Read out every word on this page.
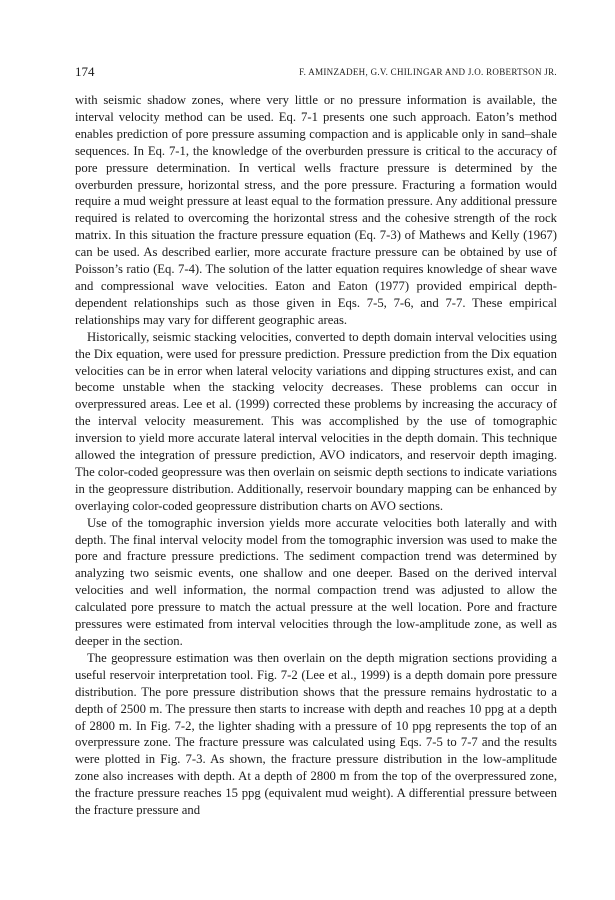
174	F. AMINZADEH, G.V. CHILINGAR AND J.O. ROBERTSON JR.

with seismic shadow zones, where very little or no pressure information is available, the interval velocity method can be used. Eq. 7-1 presents one such approach. Eaton’s method enables prediction of pore pressure assuming compaction and is applicable only in sand–shale sequences. In Eq. 7-1, the knowledge of the overburden pressure is critical to the accuracy of pore pressure determination. In vertical wells fracture pressure is determined by the overburden pressure, horizontal stress, and the pore pressure. Fracturing a formation would require a mud weight pressure at least equal to the formation pressure. Any additional pressure required is related to overcoming the horizontal stress and the cohesive strength of the rock matrix. In this situation the fracture pressure equation (Eq. 7-3) of Mathews and Kelly (1967) can be used. As described earlier, more accurate fracture pressure can be obtained by use of Poisson’s ratio (Eq. 7-4). The solution of the latter equation requires knowledge of shear wave and compressional wave velocities. Eaton and Eaton (1977) provided empirical depth-dependent relationships such as those given in Eqs. 7-5, 7-6, and 7-7. These empirical relationships may vary for different geographic areas.

Historically, seismic stacking velocities, converted to depth domain interval velocities using the Dix equation, were used for pressure prediction. Pressure prediction from the Dix equation velocities can be in error when lateral velocity variations and dipping structures exist, and can become unstable when the stacking velocity decreases. These problems can occur in overpressured areas. Lee et al. (1999) corrected these problems by increasing the accuracy of the interval velocity measurement. This was accomplished by the use of tomographic inversion to yield more accurate lateral interval velocities in the depth domain. This technique allowed the integration of pressure prediction, AVO indicators, and reservoir depth imaging. The color-coded geopressure was then overlain on seismic depth sections to indicate variations in the geopressure distribution. Additionally, reservoir boundary mapping can be enhanced by overlaying color-coded geopressure distribution charts on AVO sections.

Use of the tomographic inversion yields more accurate velocities both laterally and with depth. The final interval velocity model from the tomographic inversion was used to make the pore and fracture pressure predictions. The sediment compaction trend was determined by analyzing two seismic events, one shallow and one deeper. Based on the derived interval velocities and well information, the normal compaction trend was adjusted to allow the calculated pore pressure to match the actual pressure at the well location. Pore and fracture pressures were estimated from interval velocities through the low-amplitude zone, as well as deeper in the section.

The geopressure estimation was then overlain on the depth migration sections providing a useful reservoir interpretation tool. Fig. 7-2 (Lee et al., 1999) is a depth domain pore pressure distribution. The pore pressure distribution shows that the pressure remains hydrostatic to a depth of 2500 m. The pressure then starts to increase with depth and reaches 10 ppg at a depth of 2800 m. In Fig. 7-2, the lighter shading with a pressure of 10 ppg represents the top of an overpressure zone. The fracture pressure was calculated using Eqs. 7-5 to 7-7 and the results were plotted in Fig. 7-3. As shown, the fracture pressure distribution in the low-amplitude zone also increases with depth. At a depth of 2800 m from the top of the overpressured zone, the fracture pressure reaches 15 ppg (equivalent mud weight). A differential pressure between the fracture pressure and
